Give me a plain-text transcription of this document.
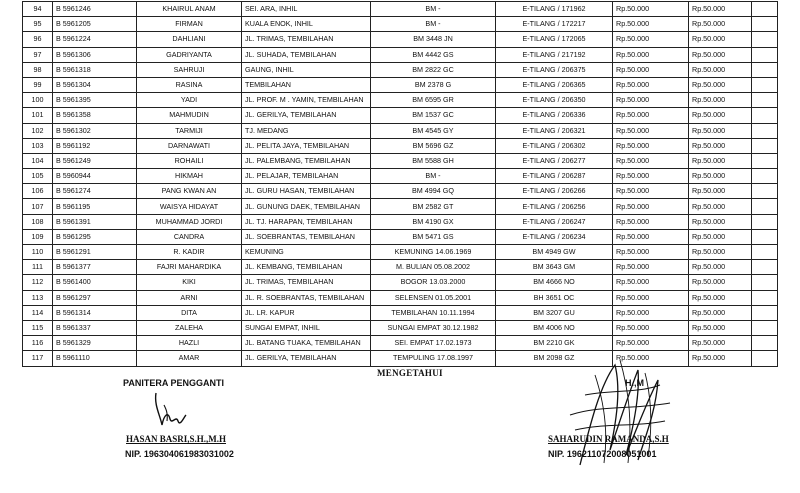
94	B 5961246	KHAIRUL ANAM	SEI. ARA, INHIL	BM -	E-TILANG / 171962	Rp.50.000	Rp.50.000	
95	B 5961205	FIRMAN	KUALA ENOK, INHIL	BM -	E-TILANG / 172217	Rp.50.000	Rp.50.000	
96	B 5961224	DAHLIANI	JL. TRIMAS, TEMBILAHAN	BM 3448 JN	E-TILANG / 172065	Rp.50.000	Rp.50.000	
97	B 5961306	GADRIYANTA	JL. SUHADA, TEMBILAHAN	BM 4442 GS	E-TILANG / 217192	Rp.50.000	Rp.50.000	
98	B 5961318	SAHRUJI	GAUNG, INHIL	BM 2822 GC	E-TILANG / 206375	Rp.50.000	Rp.50.000	
99	B 5961304	RASINA	TEMBILAHAN	BM 2378 G	E-TILANG / 206365	Rp.50.000	Rp.50.000	
100	B 5961395	YADI	JL. PROF. M . YAMIN, TEMBILAHAN	BM 6595 GR	E-TILANG / 206350	Rp.50.000	Rp.50.000	
101	B 5961358	MAHMUDIN	JL. GERILYA, TEMBILAHAN	BM 1537 GC	E-TILANG / 206336	Rp.50.000	Rp.50.000	
102	B 5961302	TARMIJI	TJ. MEDANG	BM 4545 GY	E-TILANG / 206321	Rp.50.000	Rp.50.000	
103	B 5961192	DARNAWATI	JL. PELITA JAYA, TEMBILAHAN	BM 5696 GZ	E-TILANG / 206302	Rp.50.000	Rp.50.000	
104	B 5961249	ROHAILI	JL. PALEMBANG, TEMBILAHAN	BM 5588 GH	E-TILANG / 206277	Rp.50.000	Rp.50.000	
105	B 5960944	HIKMAH	JL. PELAJAR, TEMBILAHAN	BM -	E-TILANG / 206287	Rp.50.000	Rp.50.000	
106	B 5961274	PANG KWAN AN	JL. GURU HASAN, TEMBILAHAN	BM 4994 GQ	E-TILANG / 206266	Rp.50.000	Rp.50.000	
107	B 5961195	WAISYA HIDAYAT	JL. GUNUNG DAEK, TEMBILAHAN	BM 2582 GT	E-TILANG / 206256	Rp.50.000	Rp.50.000	
108	B 5961391	MUHAMMAD JORDI	JL. TJ. HARAPAN, TEMBILAHAN	BM 4190 GX	E-TILANG / 206247	Rp.50.000	Rp.50.000	
109	B 5961295	CANDRA	JL. SOEBRANTAS, TEMBILAHAN	BM 5471 GS	E-TILANG / 206234	Rp.50.000	Rp.50.000	
110	B 5961291	R. KADIR	KEMUNING	KEMUNING 14.06.1969	BM 4949 GW	Rp.50.000	Rp.50.000	
111	B 5961377	FAJRI MAHARDIKA	JL. KEMBANG, TEMBILAHAN	M. BULIAN 05.08.2002	BM 3643 GM	Rp.50.000	Rp.50.000	
112	B 5961400	KIKI	JL. TRIMAS, TEMBILAHAN	BOGOR 13.03.2000	BM 4666 NO	Rp.50.000	Rp.50.000	
113	B 5961297	ARNI	JL. R. SOEBRANTAS, TEMBILAHAN	SELENSEN 01.05.2001	BH 3651 OC	Rp.50.000	Rp.50.000	
114	B 5961314	DITA	JL. LR. KAPUR	TEMBILAHAN 10.11.1994	BM 3207 GU	Rp.50.000	Rp.50.000	
115	B 5961337	ZALEHA	SUNGAI EMPAT, INHIL	SUNGAI EMPAT 30.12.1982	BM 4006 NO	Rp.50.000	Rp.50.000	
116	B 5961329	HAZLI	JL. BATANG TUAKA, TEMBILAHAN	SEI. EMPAT 17.02.1973	BM 2210 GK	Rp.50.000	Rp.50.000	
117	B 5961110	AMAR	JL. GERILYA, TEMBILAHAN	TEMPULING 17.08.1997	BM 2098 GZ	Rp.50.000	Rp.50.000	
MENGETAHUI
PANITERA PENGGANTI
HASAN BASRI,S.H.,M.H
NIP. 196304061983031002
H.,M
SAHARUDIN RAMANDA,S.H
NIP. 196211072008051001
